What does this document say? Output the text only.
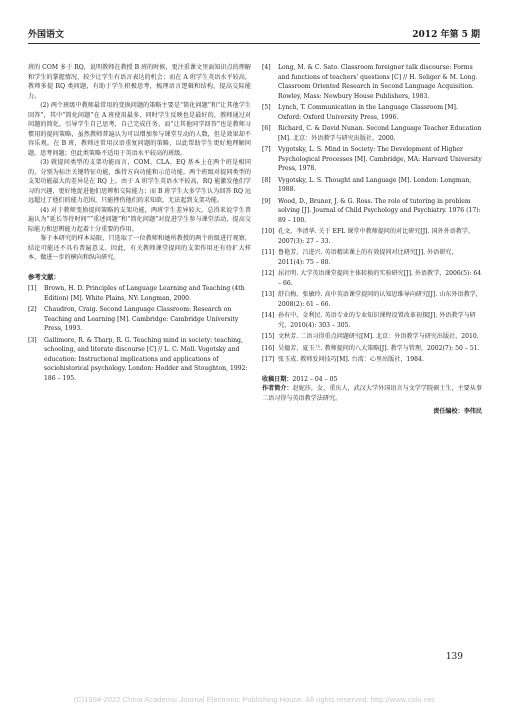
外国语文	2012 年第 5 期

班的 COM 多于 RQ，说明教师在教授 B 班的时候，更注重课文里面知识点的理解和学生的掌握情况，较少让学生有语言表达的机会；而在 A 班学生英语水平较高，教师多提 RQ 类问题，有助于学生积极思考，梳理语言逻辑和结构，提高交际能力。

(2) 两个班级中教师最常用的变换问题的策略主要是“简化问题”和“让其他学生回答”，其中“简化问题”在 A 班使用最多，同时学生反映也是最好的，教师通过对问题的简化，引导学生自己思考，自己完成任务。而“让其他同学回答”也是教师习惯用的提问策略，虽然教师普遍认为可以增加参与课堂互动的人数，但是效果却不容乐观。在 B 班，教师还常用汉语重复问题的策略，以此帮助学生更好地理解问题，思考问题；但此类策略不适用于英语水平较高的班级。

(3) 就提问类型的支架功能而言，COM、CLA、EQ 基本上在两个班是相同的，分别为标注关键特征功能，维持方向功能和示范功能。两个班级对提问类型的支架功能最大的差异是在 RQ 上。由于 A 班学生英语水平较高，RQ 能激发他们学习的兴趣，更好地促进他们思辨和交际能力；而 B 班学生大多学生认为回答 RQ 远远超过了他们的能力范围，只能挫伤他们的求知欲，无法起到支架功能。

(4) 对于教师变换提问策略的支架功能，两班学生差异较大。总得来说学生普遍认为“延长等待时间”“重述问题”和“简化问题”对促进学生参与课堂活动，提高交际能力和思辨能力起着十分重要的作用。

鉴于本研究的样本局限，只选取了一位教师和她所教授的两个班级进行观察，结论可能还不具有普遍意义。因此，有关教师课堂提问的支架作用还有待扩大样本，做进一步的横向和纵向研究。

参考文献：
[1]	Brown, H. D. Principles of Language Learning and Teaching (4th Edition) [M]. White Plains, NY: Longman, 2000.
[2]	Chaudron, Craig. Second Language Classroom: Research on Teaching and Learning [M]. Cambridge: Cambridge University Press, 1993.
[3]	Gallimore, R. & Tharp, R. G. Teaching mind in society: teaching, schooling, and literate discourse [C] // L. C. Moll. Vogotsky and education: Instructional implications and applications of sociohistorical psychology. London: Hodder and Stoughton, 1992: 186 – 195.
[4]	Long, M. & C. Sato. Classroom foreigner talk discourse: Forms and functions of teachers' questions [C] // H. Seliger & M. Long. Classroom Oriented Research in Second Language Acquisition. Rowley, Mass: Newbury House Publishers, 1983.
[5]	Lynch, T. Communication in the Language Classroom [M]. Oxford: Oxford University Press, 1996.
[6]	Richard, C. & David Nunan. Second Language Teacher Education [M]. 北京：外语教学与研究出版社，2000.
[7]	Vygotsky, L. S. Mind in Society: The Development of Higher Psychological Processes [M]. Cambridge, MA: Harvard University Press, 1978.
[8]	Vygotsky, L. S. Thought and Language [M]. London: Longman, 1988.
[9]	Wood, D., Bruner, J. & G. Ross. The role of tutoring in problem solving [J]. Journal of Child Psychology and Psychiatry. 1976 (17): 89 – 100.
[10] 孔文，李清华. 关于 EFL 课堂中教师提问的对比研究[J]. 国外外语教学，2007(3): 27 – 33.
[11] 鲁艳芳，吕进兴. 英语精读课上的有效提问对比研究[J]. 外语研究，2011(4): 75 – 80.
[12] 屈社明. 大学英语课堂提问主体转换的实验研究[J]. 外语教学，2006(5): 64 – 66.
[13] 舒白梅，张敏玲. 高中英语课堂提问的认知思维导向研究[J]. 山东外语教学，2008(2): 61 – 66.
[14] 孙有中，金利民. 英语专业的专业知识课程设置改革初探[J]. 外语教学与研究，2010(4): 303 – 305.
[15] 文秋芳. 二语习得重点问题研究[M]. 北京：外语教学与研究出版社，2010.
[16] 吴德芳，夏玉兰. 教师提问的八大策略[J]. 教学与管理，2002(7): 50 – 51.
[17] 张玉成. 教师发问技巧[M]. 台湾：心里出版社，1984.

收稿日期：2012 – 04 – 05

作者简介：赵妮莎，女，重庆人，武汉大学外国语言与文学学院硕士生，主要从事二语习得与英语教学法研究。

责任编校：李伟民
139
(C)1994-2022 China Academic Journal Electronic Publishing House. All rights reserved. http://www.cnki.net
